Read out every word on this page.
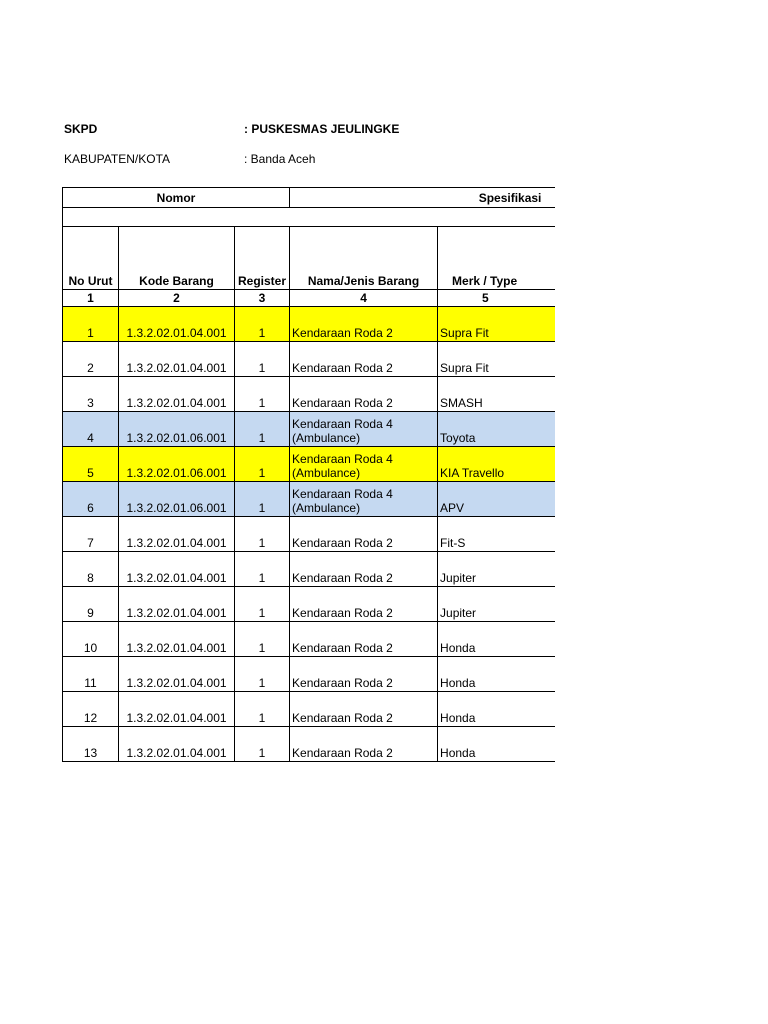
SKPD	: PUSKESMAS JEULINGKE
KABUPATEN/KOTA	: Banda Aceh
Nomor			Spesifikasi	

No Urut	Kode Barang	Register	Nama/Jenis Barang	Merk / Type
1	2	3	4	5
1	1.3.2.02.01.04.001	1	Kendaraan Roda 2	Supra Fit
2	1.3.2.02.01.04.001	1	Kendaraan Roda 2	Supra Fit
3	1.3.2.02.01.04.001	1	Kendaraan Roda 2	SMASH
4	1.3.2.02.01.06.001	1	Kendaraan Roda 4 (Ambulance)	Toyota
5	1.3.2.02.01.06.001	1	Kendaraan Roda 4 (Ambulance)	KIA Travello
6	1.3.2.02.01.06.001	1	Kendaraan Roda 4 (Ambulance)	APV
7	1.3.2.02.01.04.001	1	Kendaraan Roda 2	Fit-S
8	1.3.2.02.01.04.001	1	Kendaraan Roda 2	Jupiter
9	1.3.2.02.01.04.001	1	Kendaraan Roda 2	Jupiter
10	1.3.2.02.01.04.001	1	Kendaraan Roda 2	Honda
11	1.3.2.02.01.04.001	1	Kendaraan Roda 2	Honda
12	1.3.2.02.01.04.001	1	Kendaraan Roda 2	Honda
13	1.3.2.02.01.04.001	1	Kendaraan Roda 2	Honda
